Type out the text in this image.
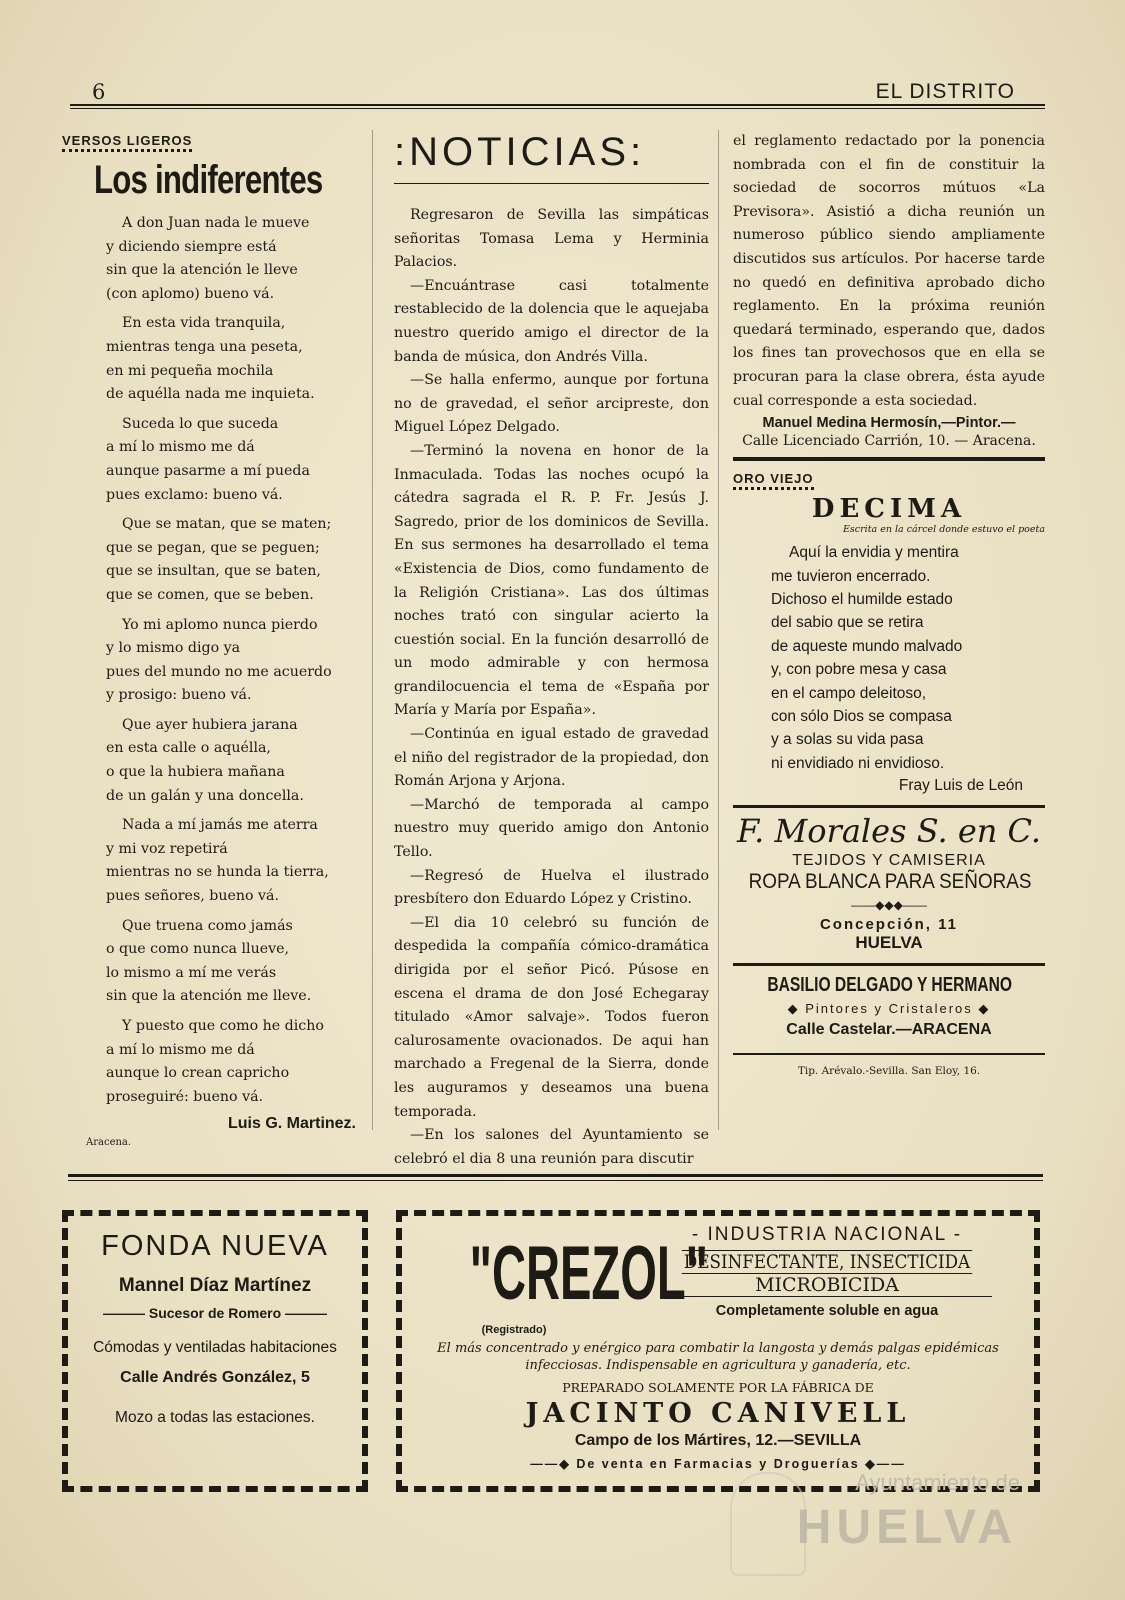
6	EL DISTRITO
VERSOS LIGEROS
Los indiferentes
A don Juan nada le mueve
y diciendo siempre está
sin que la atención le lleve
(con aplomo) bueno vá.
En esta vida tranquila,
mientras tenga una peseta,
en mi pequeña mochila
de aquélla nada me inquieta.
Suceda lo que suceda
a mí lo mismo me dá
aunque pasarme a mí pueda
pues exclamo: bueno vá.
Que se matan, que se maten;
que se pegan, que se peguen;
que se insultan, que se baten,
que se comen, que se beben.
Yo mi aplomo nunca pierdo
y lo mismo digo ya
pues del mundo no me acuerdo
y prosigo: bueno vá.
Que ayer hubiera jarana
en esta calle o aquélla,
o que la hubiera mañana
de un galán y una doncella.
Nada a mí jamás me aterra
y mi voz repetirá
mientras no se hunda la tierra,
pues señores, bueno vá.
Que truena como jamás
o que como nunca llueve,
lo mismo a mí me verás
sin que la atención me lleve.
Y puesto que como he dicho
a mí lo mismo me dá
aunque lo crean capricho
proseguiré: bueno vá.
Luis G. Martinez.
Aracena.
:NOTICIAS:

Regresaron de Sevilla las simpáticas señoritas Tomasa Lema y Herminia Palacios.

—Encuántrase casi totalmente restablecido de la dolencia que le aquejaba nuestro querido amigo el director de la banda de música, don Andrés Villa.

—Se halla enfermo, aunque por fortuna no de gravedad, el señor arcipreste, don Miguel López Delgado.

—Terminó la novena en honor de la Inmaculada. Todas las noches ocupó la cátedra sagrada el R. P. Fr. Jesús J. Sagredo, prior de los dominicos de Sevilla. En sus sermones ha desarrollado el tema «Existencia de Dios, como fundamento de la Religión Cristiana». Las dos últimas noches trató con singular acierto la cuestión social. En la función desarrolló de un modo admirable y con hermosa grandilocuencia el tema de «España por María y María por España».

—Continúa en igual estado de gravedad el niño del registrador de la propiedad, don Román Arjona y Arjona.

—Marchó de temporada al campo nuestro muy querido amigo don Antonio Tello.

—Regresó de Huelva el ilustrado presbítero don Eduardo López y Cristino.

—El dia 10 celebró su función de despedida la compañía cómico-dramática dirigida por el señor Picó. Púsose en escena el drama de don José Echegaray titulado «Amor salvaje». Todos fueron calurosamente ovacionados. De aqui han marchado a Fregenal de la Sierra, donde les auguramos y deseamos una buena temporada.

—En los salones del Ayuntamiento se celebró el dia 8 una reunión para discutir

el reglamento redactado por la ponencia nombrada con el fin de constituir la sociedad de socorros mútuos «La Previsora». Asistió a dicha reunión un numeroso público siendo ampliamente discutidos sus artículos. Por hacerse tarde no quedó en definitiva aprobado dicho reglamento. En la próxima reunión quedará terminado, esperando que, dados los fines tan provechosos que en ella se procuran para la clase obrera, ésta ayude cual corresponde a esta sociedad.

Manuel Medina Hermosín,—Pintor.—
Calle Licenciado Carrión, 10. — Aracena.
ORO VIEJO
DECIMA
Escrita en la cárcel donde estuvo el poeta
Aquí la envidia y mentira
me tuvieron encerrado.
Dichoso el humilde estado
del sabio que se retira
de aqueste mundo malvado
y, con pobre mesa y casa
en el campo deleitoso,
con sólo Dios se compasa
y a solas su vida pasa
ni envidiado ni envidioso.
Fray Luis de León
F. Morales S. en C.
TEJIDOS Y CAMISERIA
ROPA BLANCA PARA SEÑORAS
——◆◆◆——
Concepción, 11
HUELVA
BASILIO DELGADO Y HERMANO
◆ Pintores y Cristaleros ◆
Calle Castelar.—ARACENA
Tip. Arévalo.-Sevilla. San Eloy, 16.
FONDA NUEVA
Mannel Díaz Martínez
——— Sucesor de Romero ———
Cómodas y ventiladas habitaciones
Calle Andrés González, 5
Mozo a todas las estaciones.
"CREZOL"
(Registrado)
- INDUSTRIA NACIONAL -
DESINFECTANTE, INSECTICIDA
MICROBICIDA
Completamente soluble en agua
El más concentrado y enérgico para combatir la langosta y demás palgas epidémicas infecciosas. Indispensable en agricultura y ganadería, etc.
PREPARADO SOLAMENTE POR LA FÁBRICA DE
JACINTO CANIVELL
Campo de los Mártires, 12.—SEVILLA
——◆ De venta en Farmacias y Droguerías ◆——
Ayuntamiento de
HUELVA
